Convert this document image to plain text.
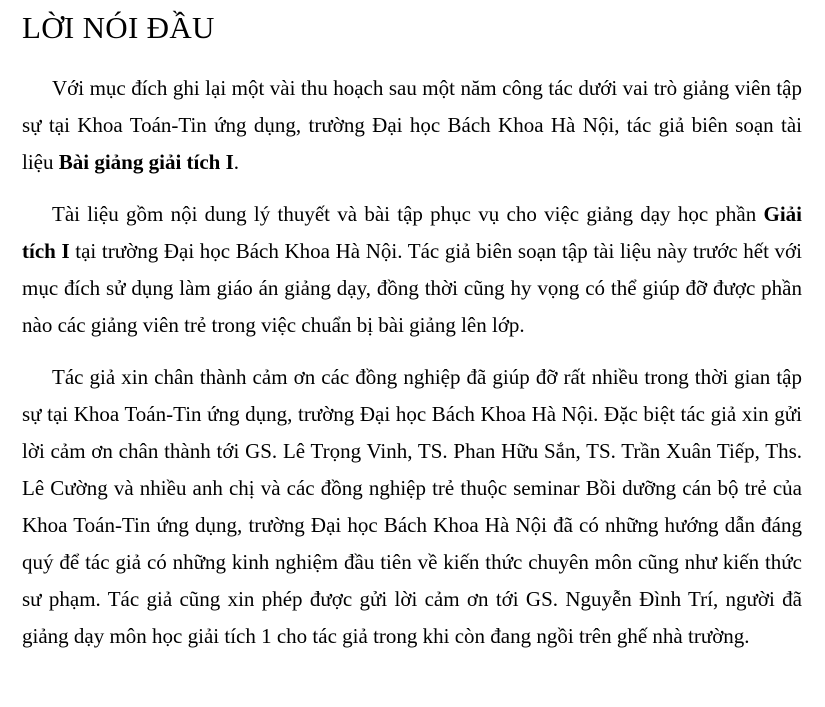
LỜI NÓI ĐẦU

Với mục đích ghi lại một vài thu hoạch sau một năm công tác dưới vai trò giảng viên tập sự tại Khoa Toán-Tin ứng dụng, trường Đại học Bách Khoa Hà Nội, tác giả biên soạn tài liệu Bài giảng giải tích I.

Tài liệu gồm nội dung lý thuyết và bài tập phục vụ cho việc giảng dạy học phần Giải tích I tại trường Đại học Bách Khoa Hà Nội. Tác giả biên soạn tập tài liệu này trước hết với mục đích sử dụng làm giáo án giảng dạy, đồng thời cũng hy vọng có thể giúp đỡ được phần nào các giảng viên trẻ trong việc chuẩn bị bài giảng lên lớp.

Tác giả xin chân thành cảm ơn các đồng nghiệp đã giúp đỡ rất nhiều trong thời gian tập sự tại Khoa Toán-Tin ứng dụng, trường Đại học Bách Khoa Hà Nội. Đặc biệt tác giả xin gửi lời cảm ơn chân thành tới GS. Lê Trọng Vinh, TS. Phan Hữu Sắn, TS. Trần Xuân Tiếp, Ths. Lê Cường và nhiều anh chị và các đồng nghiệp trẻ thuộc seminar Bồi dưỡng cán bộ trẻ của Khoa Toán-Tin ứng dụng, trường Đại học Bách Khoa Hà Nội đã có những hướng dẫn đáng quý để tác giả có những kinh nghiệm đầu tiên về kiến thức chuyên môn cũng như kiến thức sư phạm. Tác giả cũng xin phép được gửi lời cảm ơn tới GS. Nguyễn Đình Trí, người đã giảng dạy môn học giải tích 1 cho tác giả trong khi còn đang ngồi trên ghế nhà trường.
